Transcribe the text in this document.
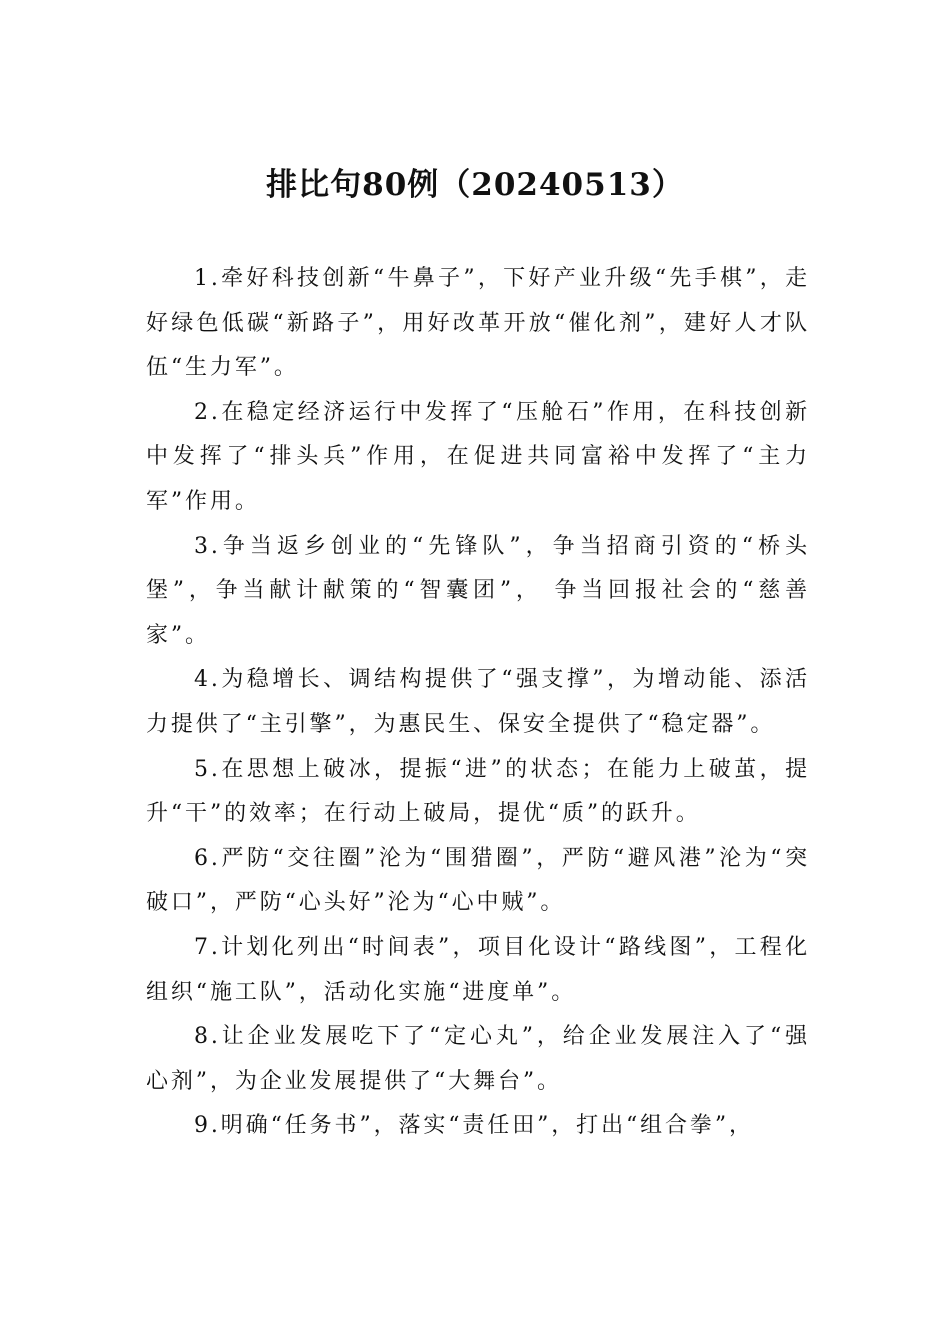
排比句80例（20240513）

1.牵好科技创新“牛鼻子”，下好产业升级“先手棋”，走好绿色低碳“新路子”，用好改革开放“催化剂”，建好人才队伍“生力军”。

2.在稳定经济运行中发挥了“压舱石”作用，在科技创新中发挥了“排头兵”作用，在促进共同富裕中发挥了“主力军”作用。

3.争当返乡创业的“先锋队”，争当招商引资的“桥头堡”，争当献计献策的“智囊团”， 争当回报社会的“慈善家”。

4.为稳增长、调结构提供了“强支撑”，为增动能、添活力提供了“主引擎”，为惠民生、保安全提供了“稳定器”。

5.在思想上破冰，提振“进”的状态；在能力上破茧，提升“干”的效率；在行动上破局，提优“质”的跃升。

6.严防“交往圈”沦为“围猎圈”，严防“避风港”沦为“突破口”，严防“心头好”沦为“心中贼”。

7.计划化列出“时间表”，项目化设计“路线图”，工程化组织“施工队”，活动化实施“进度单”。

8.让企业发展吃下了“定心丸”，给企业发展注入了“强心剂”，为企业发展提供了“大舞台”。

9.明确“任务书”，落实“责任田”，打出“组合拳”，
